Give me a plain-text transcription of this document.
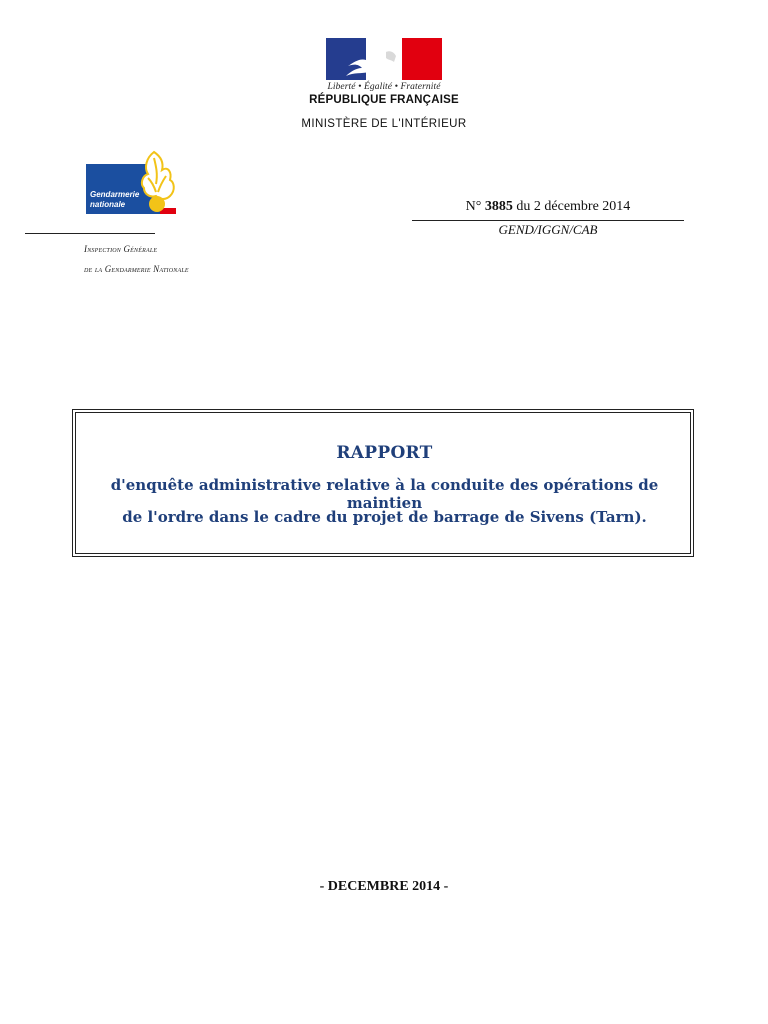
Liberté • Égalité • Fraternité
RÉPUBLIQUE FRANÇAISE
MINISTÈRE DE L'INTÉRIEUR
Gendarmerie
nationale
Inspection Générale
de la Gendarmerie Nationale
N° 3885 du 2 décembre 2014
GEND/IGGN/CAB
RAPPORT
d'enquête administrative relative à la conduite des opérations de maintien
de l'ordre dans le cadre du projet de barrage de Sivens (Tarn).
- DECEMBRE 2014 -
